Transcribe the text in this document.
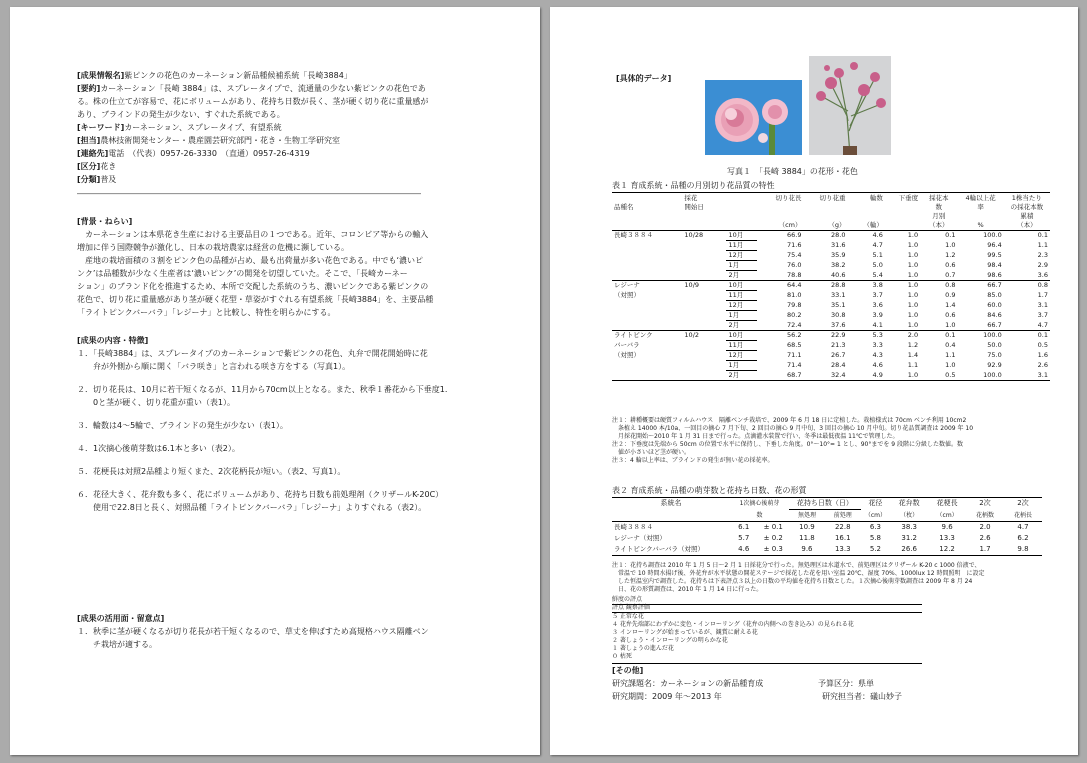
[成果情報名] 紫ピンクの花色のカーネーション新品種候補系統「長崎3884」
[要約] カーネーション「長崎 3884」は、スプレータイプで、流通量の少ない紫ピンクの花色であ
る。株の仕立てが容易で、花にボリュームがあり、花持ち日数が長く、茎が硬く切り花に重量感が
あり、ブラインドの発生が少ない、すぐれた系統である。
[キーワード] カーネーション、スプレータイプ、有望系統
[担当] 農林技術開発センター・農産園芸研究部門・花き・生物工学研究室
[連絡先] 電話　（代表）0957-26-3330　（直通）0957-26-4319
[区分] 花き
[分類] 普及
―――――――――――――――――――――――――――――――――――――――――――
[背景・ねらい]
　カーネーションは本県花き生産における主要品目の１つである。近年、コロンビア等からの輸入
増加に伴う国際競争が激化し、日本の栽培農家は経営の危機に瀕している。
　産地の栽培面積の３割をピンク色の品種が占め、最も出荷量が多い花色である。中でも‘濃いピ
ンク’は品種数が少なく生産者は‘濃いピンク’の開発を切望していた。そこで、「長崎カーネー
ション」のブランド化を推進するため、本所で交配した系統のうち、濃いピンクである紫ピンクの
花色で、切り花に重量感があり茎が硬く花型・草姿がすぐれる有望系統「長崎3884」を、主要品種
「ライトピンクバーバラ」「レジーナ」と比較し、特性を明らかにする。
[成果の内容・特徴]
１．「長崎3884」は、スプレータイプのカーネーションで紫ピンクの花色、丸弁で開花開始時に花
　　弁が外側から順に開く「バラ咲き」と言われる咲き方をする（写真1）。
２．切り花長は、10月に若干短くなるが、11月から70cm以上となる。また、秋季１番花から下垂度1.
　　0と茎が硬く、切り花重が重い（表1）。
３．輪数は4～5輪で、ブラインドの発生が少ない（表1）。
４．1次摘心後萌芽数は6.1本と多い（表2）。
５．花梗長は対照2品種より短くまた、2次花柄長が短い。（表2、写真1）。
６．花径大きく、花弁数も多く、花にボリュームがあり、花持ち日数も前処理剤（クリザールK-20C）
　　使用で22.8日と長く、対照品種「ライトピンクバーバラ」「レジーナ」よりすぐれる（表2）。
[成果の活用面・留意点]
１．秋季に茎が硬くなるが切り花長が若干短くなるので、草丈を伸ばすため高規格ハウス隔離ベン
　　チ栽培が適する。
[具体的データ]
写真１　「長崎 3884」の花形・花色
表１ 育成系統・品種の月別切り花品質の特性
	採花		切り花長	切り花重	輪数	下垂度	採花本	4輪以上花	1株当たり
品種名	開始日						数	率	の採花本数
							月別		累積
			（cm）	（g）	（輪）		（本）	%	（本）
長崎３８８４	10/28	10月	66.9	28.0	4.6	1.0	0.1	100.0	0.1
		11月	71.6	31.6	4.7	1.0	1.0	96.4	1.1
		12月	75.4	35.9	5.1	1.0	1.2	99.5	2.3
		1月	76.0	38.2	5.0	1.0	0.6	98.4	2.9
		2月	78.8	40.6	5.4	1.0	0.7	98.6	3.6
レジーナ	10/9	10月	64.4	28.8	3.8	1.0	0.8	66.7	0.8
（対照）		11月	81.0	33.1	3.7	1.0	0.9	85.0	1.7
		12月	79.8	35.1	3.6	1.0	1.4	60.0	3.1
		1月	80.2	30.8	3.9	1.0	0.6	84.6	3.7
		2月	72.4	37.6	4.1	1.0	1.0	66.7	4.7
ライトピンク	10/2	10月	56.2	22.9	5.3	2.0	0.1	100.0	0.1
バーバラ		11月	68.5	21.3	3.3	1.2	0.4	50.0	0.5
（対照）		12月	71.1	26.7	4.3	1.4	1.1	75.0	1.6
		1月	71.4	28.4	4.6	1.1	1.0	92.9	2.6
		2月	68.7	32.4	4.9	1.0	0.5	100.0	3.1
注１：耕種概要は硬質フィルムハウス　隔離ベンチ栽培で、2009 年 6 月 18 日に定植した。栽植様式は 70cm ベンチ利用 10cm2
　条植え 14000 本/10a、一回目の摘心 7 月下旬、2 回目の摘心 9 月中旬、3 回目の摘心 10 月中旬。切り花品質調査は 2009 年 10
　月採花開始～2010 年 1 月 31 日まで行った。点滴灌水装置で行い、冬季は最低夜温 11℃で管理した。
注２：下垂度は先端から 50cm の位置で水平に保持し、下垂した角度。0°～10°= 1 とし、90°までを 9 段階に分級した数値。数
　値が小さいほど茎が硬い。
注３：4 輪以上率は、ブラインドの発生が無い花の採花率。
表２ 育成系統・品種の萌芽数と花持ち日数、花の形質
系統名	1次摘心後萌芽		花持ち日数（日）		花径	花弁数	花梗長	2次	2次
	数		無処理	前処理	（cm）	（枚）	（cm）	花柄数	花柄長
長崎３８８４	6.1	± 0.1	10.9	22.8	6.3	38.3	9.6	2.0	4.7
レジーナ（対照）	5.7	± 0.2	11.8	16.1	5.8	31.2	13.3	2.6	6.2
ライトピンクバーバラ（対照）	4.6	± 0.3	9.6	13.3	5.2	26.6	12.2	1.7	9.8
注１：花持ち調査は 2010 年 1 月 5 日～2 月 1 日採花分で行った。無処理区は水道水で、前処理区はクリザール K-20 c 1000 倍液で、
　常温で 10 時間水揚げ後、外花弁が水平状態の開花ステージで採花した花を用い室温 20℃、湿度 70%、1000lux 12 時間照明　に設定
　した恒温室内で調査した。花持ちは下表評点３以上の日数の平均値を花持ち日数とした。１次摘心後萌芽数調査は 2009 年 8 月 24
　日、花の形質調査は、2010 年 1 月 14 日に行った。
鮮度の評点
評点 観察評価
５ 正常な花
４ 花弁先端部にわずかに変色・インローリング（花弁の内側への巻き込み）の見られる花
３ インローリングが始まっているが、観賞に耐える花
２ 著しょう・インローリングの明らかな花
１ 著しょうの進んだ花
０ 枯死
[その他]
研究課題名：カーネーションの新品種育成	予算区分：県単
研究期間：2009 年～2013 年	研究担当者：礒山妙子
